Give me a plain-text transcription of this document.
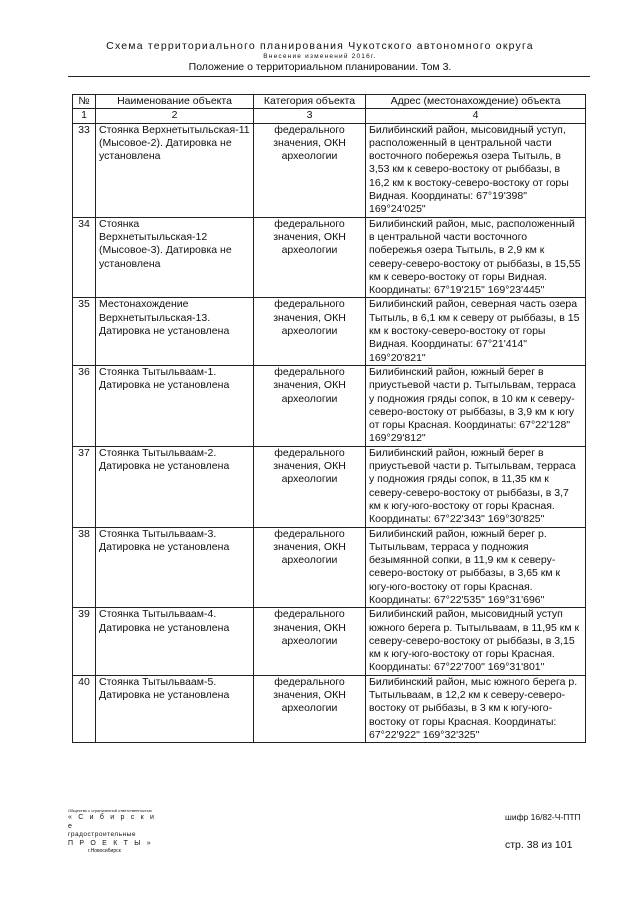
Схема территориального планирования Чукотского автономного округа
Внесение изменений 2016г.
Положение о территориальном планировании. Том 3.
№	Наименование объекта	Категория объекта	Адрес (местонахождение) объекта
1	2	3	4
33	Стоянка Верхнетытыльская-11 (Мысовое-2). Датировка не установлена	федерального значения, ОКН археологии	Билибинский район, мысовидный уступ, расположенный в центральной части восточного побережья озера Тытыль, в 3,53 км к северо-востоку от рыббазы, в 16,2 км к востоку-северо-востоку от горы Видная. Координаты: 67°19'398" 169°24'025"
34	Стоянка Верхнетытыльская-12 (Мысовое-3). Датировка не установлена	федерального значения, ОКН археологии	Билибинский район, мыс, расположенный в центральной части восточного побережья озера Тытыль, в 2,9 км к северу-северо-востоку от рыббазы, в 15,55 км к северо-востоку от горы Видная. Координаты: 67°19'215" 169°23'445"
35	Местонахождение Верхнетытыльская-13. Датировка не установлена	федерального значения, ОКН археологии	Билибинский район, северная часть озера Тытыль, в 6,1 км к северу от рыббазы, в 15 км к востоку-северо-востоку от горы Видная. Координаты: 67°21'414" 169°20'821"
36	Стоянка Тытыльваам-1. Датировка не установлена	федерального значения, ОКН археологии	Билибинский район, южный берег в приустьевой части р. Тытыльвам, терраса у подножия гряды сопок, в 10 км к северу-северо-востоку от рыббазы, в 3,9 км к югу от горы Красная. Координаты: 67°22'128" 169°29'812"
37	Стоянка Тытыльваам-2. Датировка не установлена	федерального значения, ОКН археологии	Билибинский район, южный берег в приустьевой части р. Тытыльвам, терраса у подножия гряды сопок, в 11,35 км к северу-северо-востоку от рыббазы, в 3,7 км к югу-юго-востоку от горы Красная. Координаты: 67°22'343" 169°30'825"
38	Стоянка Тытыльваам-3. Датировка не установлена	федерального значения, ОКН археологии	Билибинский район, южный берег р. Тытыльвам, терраса у подножия безымянной сопки, в 11,9 км к северу-северо-востоку от рыббазы, в 3,65 км к югу-юго-востоку от горы Красная. Координаты: 67°22'535" 169°31'696"
39	Стоянка Тытыльваам-4. Датировка не установлена	федерального значения, ОКН археологии	Билибинский район, мысовидный уступ южного берега р. Тытыльваам, в 11,95 км к северу-северо-востоку от рыббазы, в 3,15 км к югу-юго-востоку от горы Красная. Координаты: 67°22'700" 169°31'801"
40	Стоянка Тытыльваам-5. Датировка не установлена	федерального значения, ОКН археологии	Билибинский район, мыс южного берега р. Тытыльваам, в 12,2 км к северу-северо-востоку от рыббазы, в 3 км к югу-юго-востоку от горы Красная. Координаты: 67°22'922" 169°32'325"
Общество с ограниченной ответственностью
« С и б и р с к и е
градостроительные
П Р О Е К Т Ы »
г.Новосибирск
шифр 16/82-Ч-ПТП
стр. 38 из 101
